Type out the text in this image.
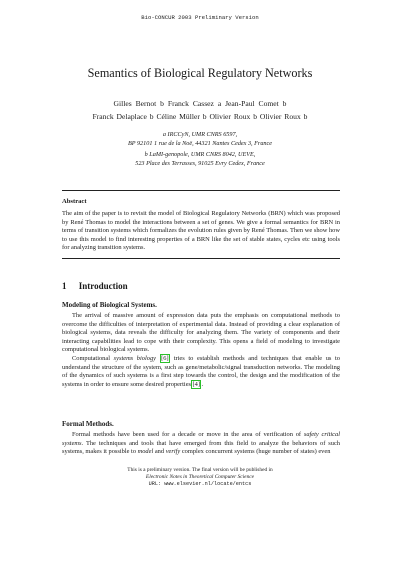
Bio-CONCUR 2003 Preliminary Version
Semantics of Biological Regulatory Networks
Gilles Bernot b Franck Cassez a Jean-Paul Comet b
Franck Delaplace b Céline Müller b Olivier Roux b Olivier Roux b
a IRCCyN, UMR CNRS 6597,
BP 92101 1 rue de la Noë, 44321 Nantes Cedex 3, France
b LaMI-genopole, UMR CNRS 8042, UEVE,
523 Place des Terrasses, 91025 Evry Cedex, France
Abstract
The aim of the paper is to revisit the model of Biological Regulatory Networks (BRN) which was proposed by René Thomas to model the interactions between a set of genes. We give a formal semantics for BRN in terms of transition systems which formalizes the evolution rules given by René Thomas. Then we show how to use this model to find interesting properties of a BRN like the set of stable states, cycles etc using tools for analyzing transition systems.
1 Introduction
Modeling of Biological Systems.
The arrival of massive amount of expression data puts the emphasis on computational methods to overcome the difficulties of interpretation of experimental data. Instead of providing a clear explanation of biological systems, data reveals the difficulty for analyzing them. The variety of components and their interacting capabilities lead to cope with their complexity. This opens a field of modeling to investigate computational biological systems.
Computational systems biology [6] tries to establish methods and techniques that enable us to understand the structure of the system, such as gene/metabolic/signal transduction networks. The modeling of the dynamics of such systems is a first step towards the control, the design and the modification of the systems in order to ensure some desired properties [4] .
Formal Methods.
Formal methods have been used for a decade or move in the area of verification of safety critical systems. The techniques and tools that have emerged from this field to analyze the behaviors of such systems, makes it possible to model and verify complex concurrent systems (huge number of states) even
This is a preliminary version. The final version will be published in
Electronic Notes in Theoretical Computer Science
URL: www.elsevier.nl/locate/entcs
